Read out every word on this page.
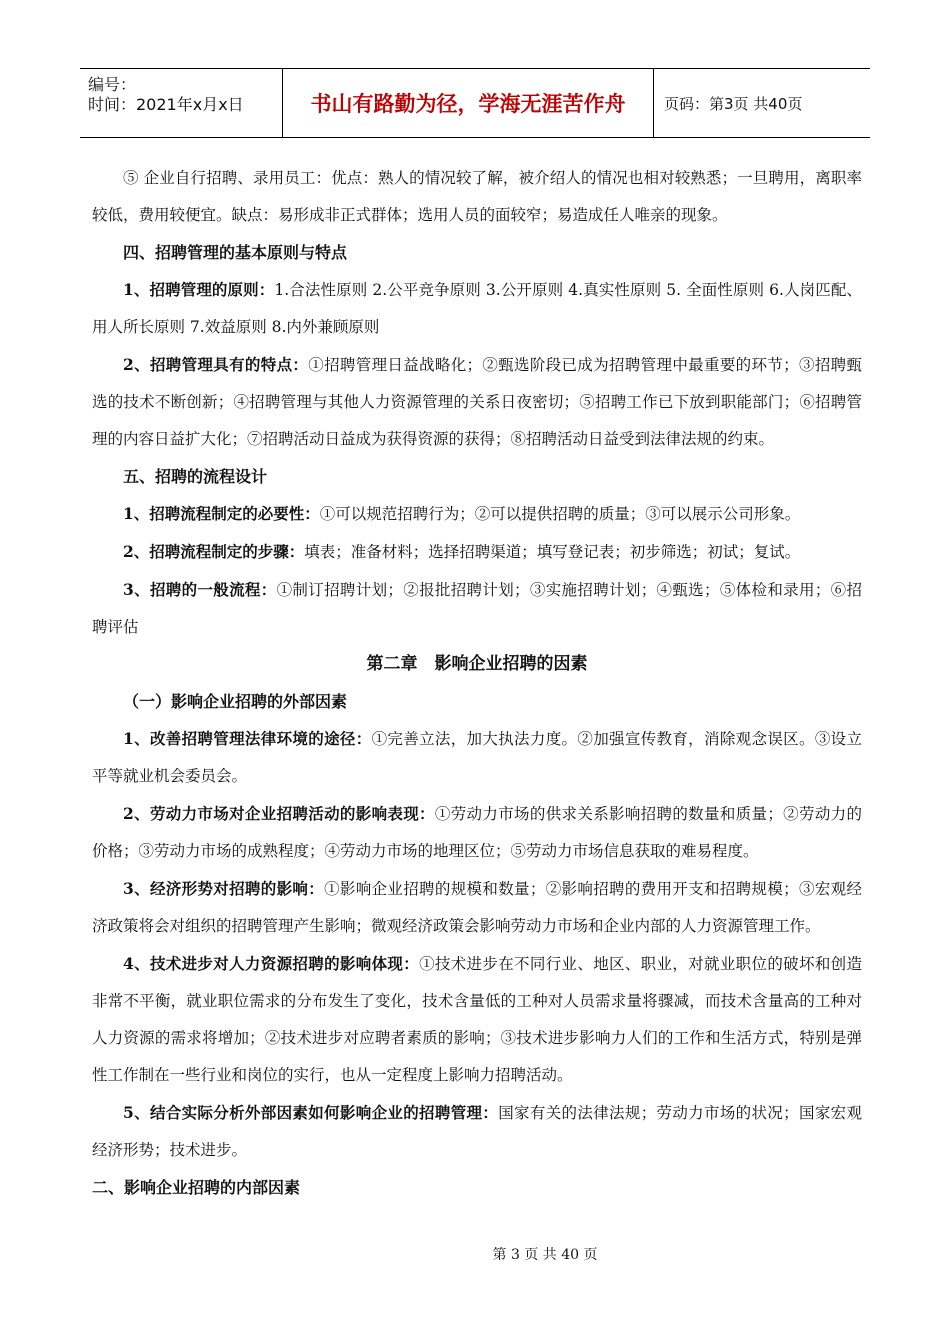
编号：
时间：2021年x月x日	书山有路勤为径，学海无涯苦作舟	页码：第3页 共40页

⑤ 企业自行招聘、录用员工：优点：熟人的情况较了解，被介绍人的情况也相对较熟悉；一旦聘用，离职率较低，费用较便宜。缺点：易形成非正式群体；选用人员的面较窄；易造成任人唯亲的现象。

四、招聘管理的基本原则与特点

1、招聘管理的原则：1.合法性原则 2.公平竞争原则 3.公开原则 4.真实性原则 5. 全面性原则 6.人岗匹配、用人所长原则 7.效益原则 8.内外兼顾原则

2、招聘管理具有的特点：①招聘管理日益战略化；②甄选阶段已成为招聘管理中最重要的环节；③招聘甄选的技术不断创新；④招聘管理与其他人力资源管理的关系日夜密切；⑤招聘工作已下放到职能部门；⑥招聘管理的内容日益扩大化；⑦招聘活动日益成为获得资源的获得；⑧招聘活动日益受到法律法规的约束。

五、招聘的流程设计

1、招聘流程制定的必要性：①可以规范招聘行为；②可以提供招聘的质量；③可以展示公司形象。

2、招聘流程制定的步骤：填表；准备材料；选择招聘渠道；填写登记表；初步筛选；初试；复试。

3、招聘的一般流程：①制订招聘计划；②报批招聘计划；③实施招聘计划；④甄选；⑤体检和录用；⑥招聘评估

第二章　影响企业招聘的因素

（一）影响企业招聘的外部因素

1、改善招聘管理法律环境的途径：①完善立法，加大执法力度。②加强宣传教育，消除观念误区。③设立平等就业机会委员会。

2、劳动力市场对企业招聘活动的影响表现：①劳动力市场的供求关系影响招聘的数量和质量；②劳动力的价格；③劳动力市场的成熟程度；④劳动力市场的地理区位；⑤劳动力市场信息获取的难易程度。

3、经济形势对招聘的影响：①影响企业招聘的规模和数量；②影响招聘的费用开支和招聘规模；③宏观经济政策将会对组织的招聘管理产生影响；微观经济政策会影响劳动力市场和企业内部的人力资源管理工作。

4、技术进步对人力资源招聘的影响体现：①技术进步在不同行业、地区、职业，对就业职位的破坏和创造非常不平衡，就业职位需求的分布发生了变化，技术含量低的工种对人员需求量将骤减，而技术含量高的工种对人力资源的需求将增加；②技术进步对应聘者素质的影响；③技术进步影响力人们的工作和生活方式，特别是弹性工作制在一些行业和岗位的实行，也从一定程度上影响力招聘活动。

5、结合实际分析外部因素如何影响企业的招聘管理：国家有关的法律法规；劳动力市场的状况；国家宏观经济形势；技术进步。

二、影响企业招聘的内部因素

第 3 页 共 40 页
